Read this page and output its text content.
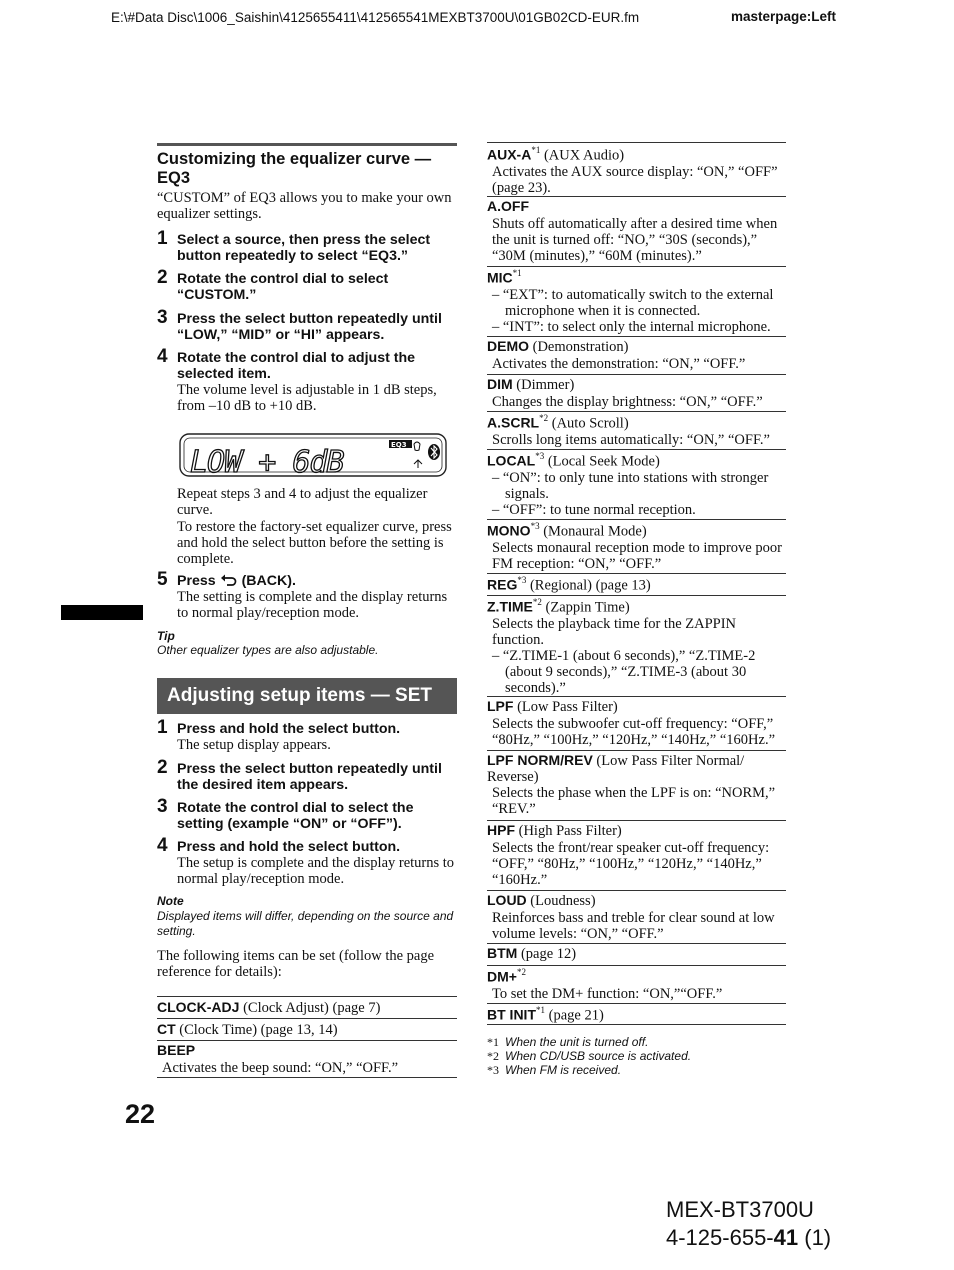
E:\#Data Disc\1006_Saishin\4125655411\412565541MEXBT3700U\01GB02CD-EUR.fm	masterpage:Left
Customizing the equalizer curve — EQ3
“CUSTOM” of EQ3 allows you to make your own equalizer settings.
1 Select a source, then press the select button repeatedly to select “EQ3.”
2 Rotate the control dial to select “CUSTOM.”
3 Press the select button repeatedly until “LOW,” “MID” or “HI” appears.
4 Rotate the control dial to adjust the selected item.
The volume level is adjustable in 1 dB steps, from –10 dB to +10 dB.
LOW + 6dB	EQ3
Repeat steps 3 and 4 to adjust the equalizer curve.
To restore the factory-set equalizer curve, press and hold the select button before the setting is complete.
5 Press (BACK).
The setting is complete and the display returns to normal play/reception mode.
Tip
Other equalizer types are also adjustable.
Adjusting setup items — SET
1 Press and hold the select button.
The setup display appears.
2 Press the select button repeatedly until the desired item appears.
3 Rotate the control dial to select the setting (example “ON” or “OFF”).
4 Press and hold the select button.
The setup is complete and the display returns to normal play/reception mode.
Note
Displayed items will differ, depending on the source and setting.
The following items can be set (follow the page reference for details):
CLOCK-ADJ (Clock Adjust) (page 7)
CT (Clock Time) (page 13, 14)
BEEP
Activates the beep sound: “ON,” “OFF.”
AUX-$A^{*1}$ (AUX Audio)
Activates the AUX source display: “ON,” “OFF” (page 23).
A.OFF
Shuts off automatically after a desired time when the unit is turned off: “NO,” “30S (seconds),” “30M (minutes),” “60M (minutes).”
MIC$^{*1}$
– “EXT”: to automatically switch to the external microphone when it is connected.
– “INT”: to select only the internal microphone.
DEMO (Demonstration)
Activates the demonstration: “ON,” “OFF.”
DIM (Dimmer)
Changes the display brightness: “ON,” “OFF.”
A.SCRL$^{*2}$ (Auto Scroll)
Scrolls long items automatically: “ON,” “OFF.”
LOCAL$^{*3}$ (Local Seek Mode)
– “ON”: to only tune into stations with stronger signals.
– “OFF”: to tune normal reception.
MONO$^{*3}$ (Monaural Mode)
Selects monaural reception mode to improve poor FM reception: “ON,” “OFF.”
REG$^{*3}$ (Regional) (page 13)
Z.TIME$^{*2}$ (Zappin Time)
Selects the playback time for the ZAPPIN function.
– “Z.TIME-1 (about 6 seconds),” “Z.TIME-2 (about 9 seconds),” “Z.TIME-3 (about 30 seconds).”
LPF (Low Pass Filter)
Selects the subwoofer cut-off frequency: “OFF,” “80Hz,” “100Hz,” “120Hz,” “140Hz,” “160Hz.”
LPF NORM/REV (Low Pass Filter Normal/ Reverse)
Selects the phase when the LPF is on: “NORM,” “REV.”
HPF (High Pass Filter)
Selects the front/rear speaker cut-off frequency: “OFF,” “80Hz,” “100Hz,” “120Hz,” “140Hz,” “160Hz.”
LOUD (Loudness)
Reinforces bass and treble for clear sound at low volume levels: “ON,” “OFF.”
BTM (page 12)
DM+$^{*2}$
To set the DM+ function: “ON,”“OFF.”
BT INIT$^{*1}$ (page 21)
*1 When the unit is turned off.
*2 When CD/USB source is activated.
*3 When FM is received.
22
MEX-BT3700U
4-125-655-41 (1)
